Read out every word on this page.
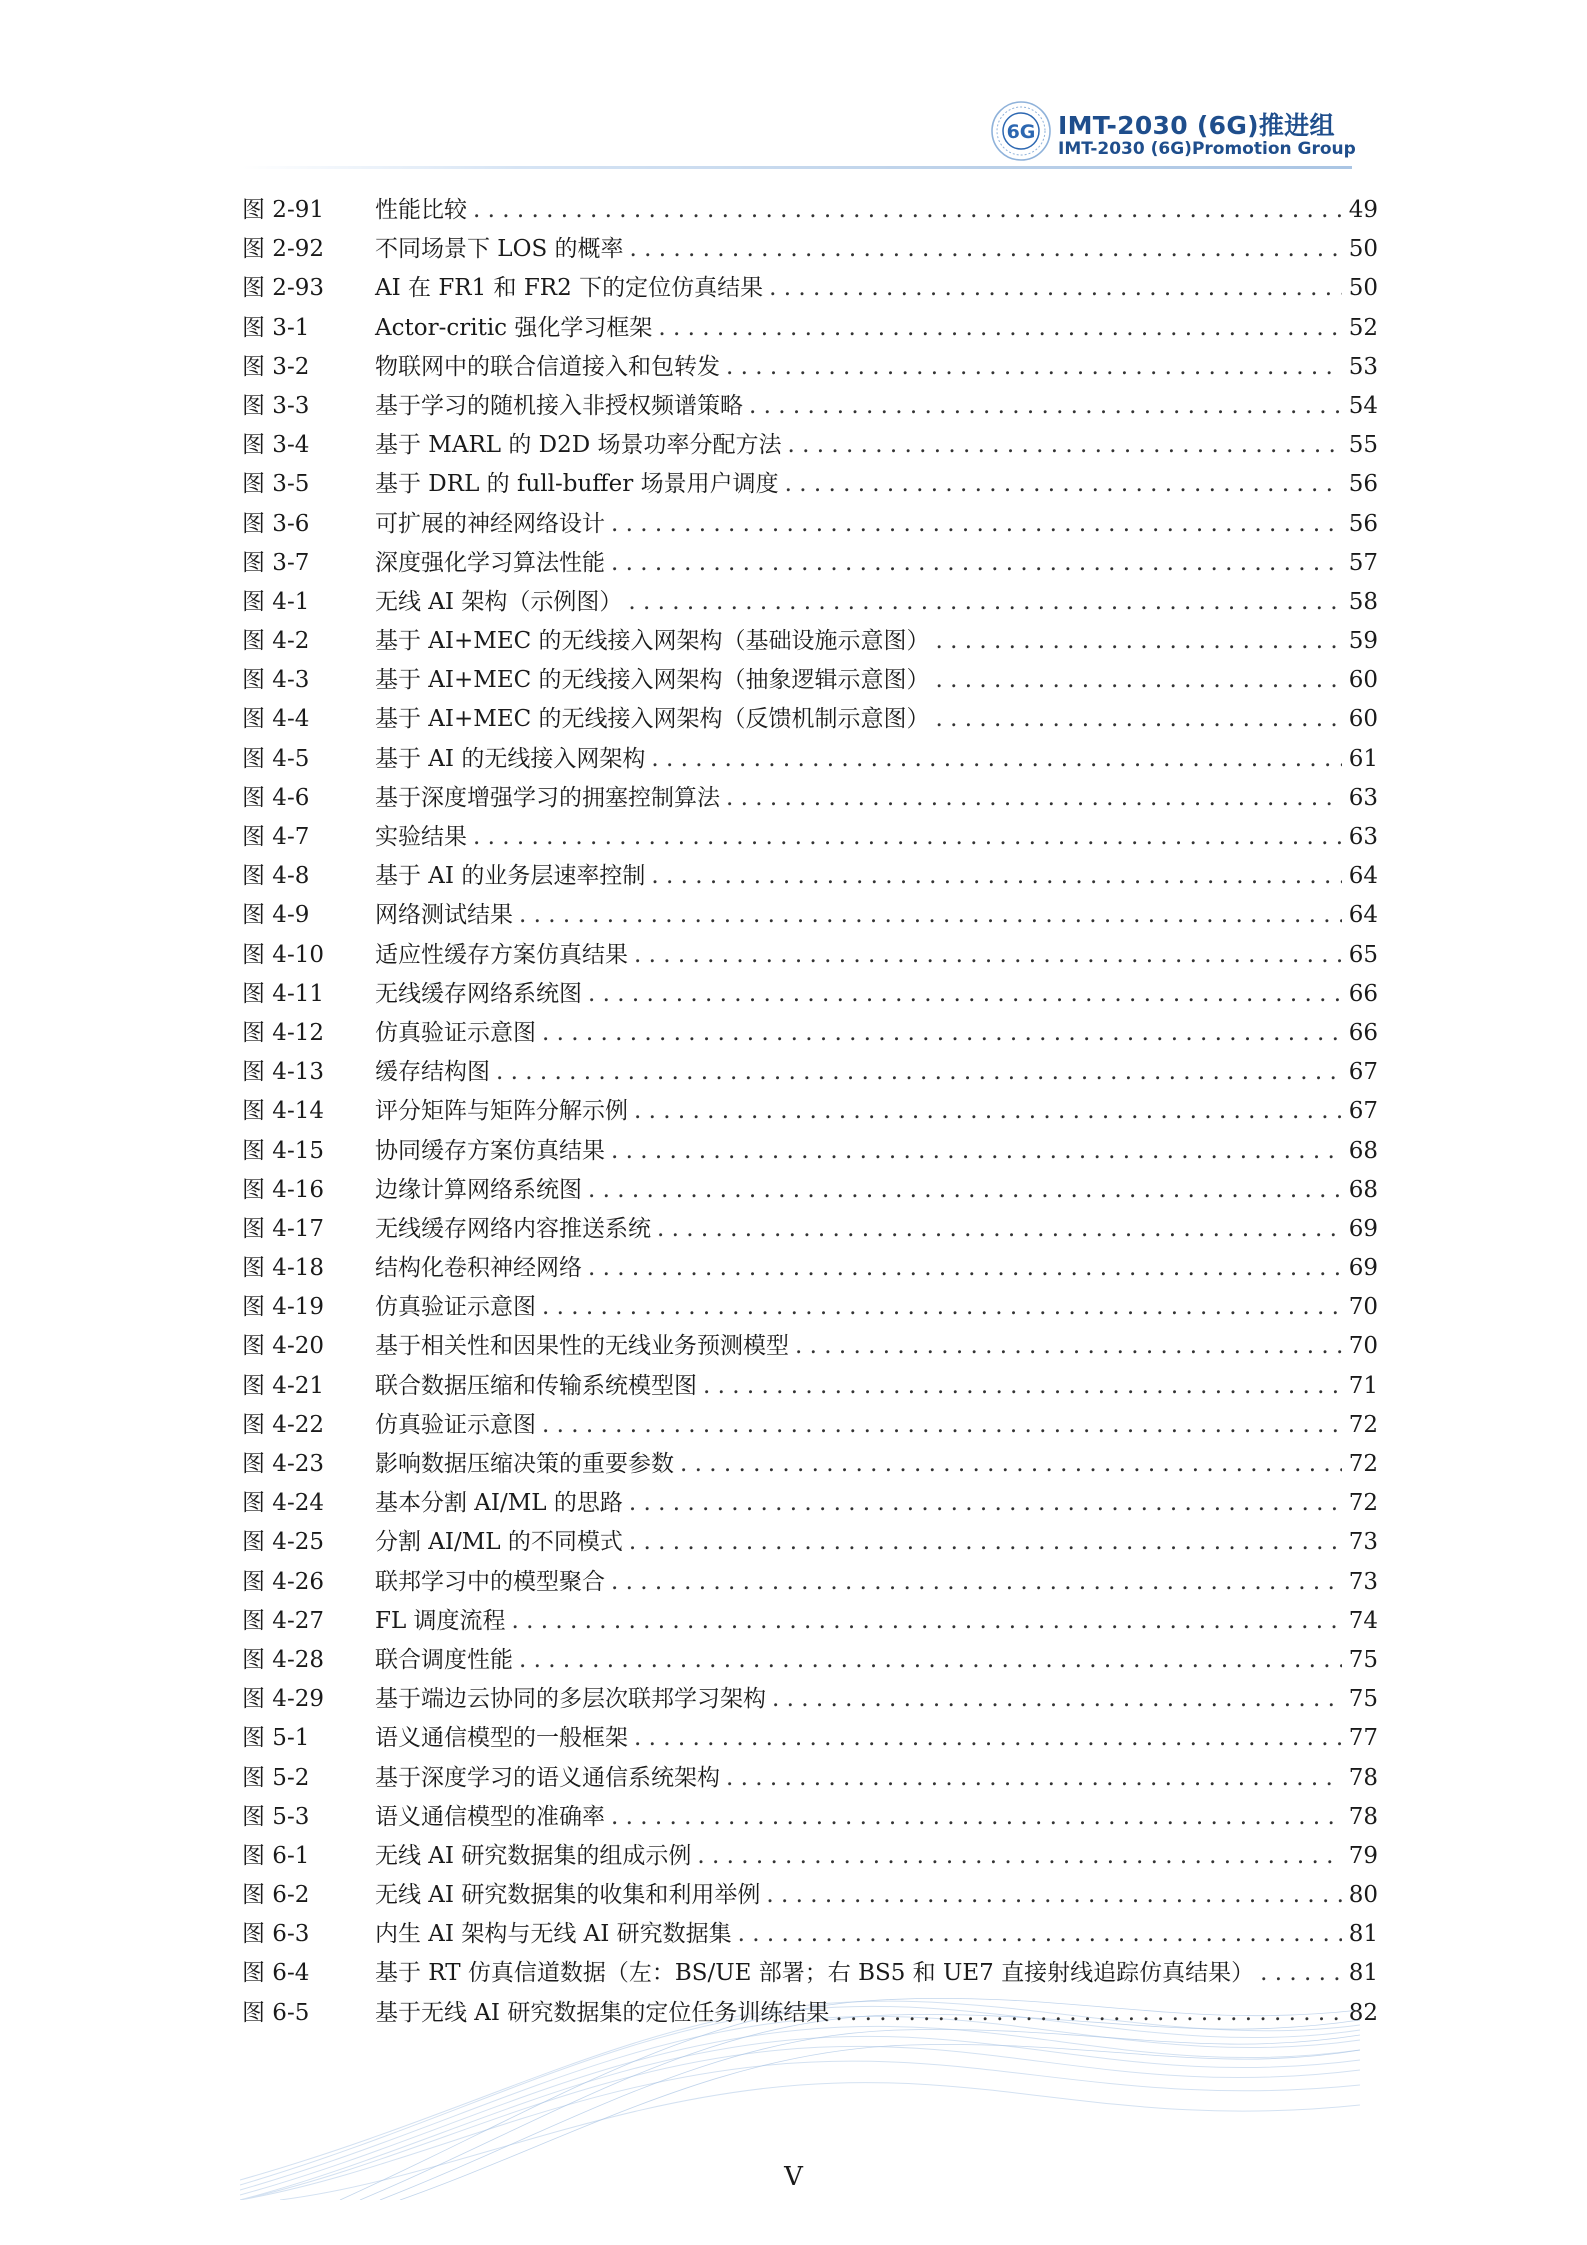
6G IMT-2030 (6G)推进组
IMT-2030 (6G)Promotion Group
图 2-91	性能比较 . . .	49
图 2-92	不同场景下 LOS 的概率 . . .	50
图 2-93	AI 在 FR1 和 FR2 下的定位仿真结果 . . .	50
图 3-1	Actor-critic 强化学习框架 . . .	52
图 3-2	物联网中的联合信道接入和包转发 . . .	53
图 3-3	基于学习的随机接入非授权频谱策略 . . .	54
图 3-4	基于 MARL 的 D2D 场景功率分配方法 . . .	55
图 3-5	基于 DRL 的 full-buffer 场景用户调度 . . .	56
图 3-6	可扩展的神经网络设计 . . .	56
图 3-7	深度强化学习算法性能 . . .	57
图 4-1	无线 AI 架构（示例图） . . .	58
图 4-2	基于 AI+MEC 的无线接入网架构（基础设施示意图） . . .	59
图 4-3	基于 AI+MEC 的无线接入网架构（抽象逻辑示意图） . . .	60
图 4-4	基于 AI+MEC 的无线接入网架构（反馈机制示意图） . . .	60
图 4-5	基于 AI 的无线接入网架构 . . .	61
图 4-6	基于深度增强学习的拥塞控制算法 . . .	63
图 4-7	实验结果 . . .	63
图 4-8	基于 AI 的业务层速率控制 . . .	64
图 4-9	网络测试结果 . . .	64
图 4-10	适应性缓存方案仿真结果 . . .	65
图 4-11	无线缓存网络系统图 . . .	66
图 4-12	仿真验证示意图 . . .	66
图 4-13	缓存结构图 . . .	67
图 4-14	评分矩阵与矩阵分解示例 . . .	67
图 4-15	协同缓存方案仿真结果 . . .	68
图 4-16	边缘计算网络系统图 . . .	68
图 4-17	无线缓存网络内容推送系统 . . .	69
图 4-18	结构化卷积神经网络 . . .	69
图 4-19	仿真验证示意图 . . .	70
图 4-20	基于相关性和因果性的无线业务预测模型 . . .	70
图 4-21	联合数据压缩和传输系统模型图 . . .	71
图 4-22	仿真验证示意图 . . .	72
图 4-23	影响数据压缩决策的重要参数 . . .	72
图 4-24	基本分割 AI/ML 的思路 . . .	72
图 4-25	分割 AI/ML 的不同模式 . . .	73
图 4-26	联邦学习中的模型聚合 . . .	73
图 4-27	FL 调度流程 . . .	74
图 4-28	联合调度性能 . . .	75
图 4-29	基于端边云协同的多层次联邦学习架构 . . .	75
图 5-1	语义通信模型的一般框架 . . .	77
图 5-2	基于深度学习的语义通信系统架构 . . .	78
图 5-3	语义通信模型的准确率 . . .	78
图 6-1	无线 AI 研究数据集的组成示例 . . .	79
图 6-2	无线 AI 研究数据集的收集和利用举例 . . .	80
图 6-3	内生 AI 架构与无线 AI 研究数据集 . . .	81
图 6-4	基于 RT 仿真信道数据（左：BS/UE 部署；右 BS5 和 UE7 直接射线追踪仿真结果） . . .	81
图 6-5	基于无线 AI 研究数据集的定位任务训练结果 . . .	82
V
